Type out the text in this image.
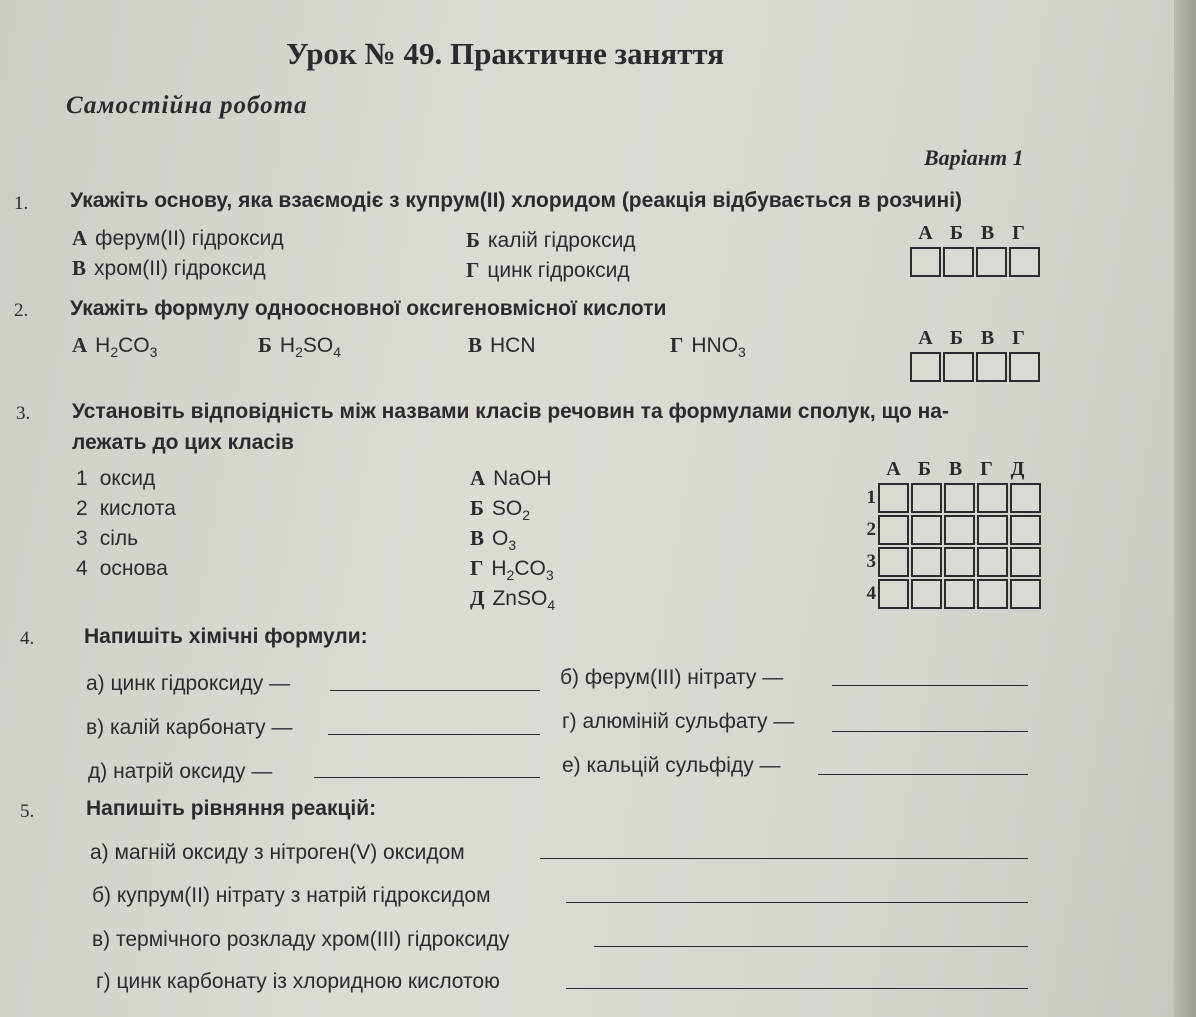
Урок № 49. Практичне заняття
Самостійна робота
Варіант 1
1. Укажіть основу, яка взаємодіє з купрум(II) хлоридом (реакція відбувається в розчині)
А ферум(II) гідроксид	Б калій гідроксид
В хром(II) гідроксид	Г цинк гідроксид
А Б В Г
2. Укажіть формулу одноосновної оксигеновмісної кислоти
А $H_2CO_3$	Б $H_2SO_4$	В HCN	Г $HNO_3$
А Б В Г
3. Установіть відповідність між назвами класів речовин та формулами сполук, що на-
лежать до цих класів
1 оксид
2 кислота
3 сіль
4 основа
А NaOH
Б $SO_2$
В $O_3$
Г $H_2CO_3$
Д ZnSO$_4$
А Б В Г Д
1
2
3
4
4. Напишіть хімічні формули:
а) цинк гідроксиду —	б) ферум(III) нітрату —
в) калій карбонату —	г) алюміній сульфату —
д) натрій оксиду —	е) кальцій сульфіду —
5. Напишіть рівняння реакцій:
а) магній оксиду з нітроген(V) оксидом
б) купрум(II) нітрату з натрій гідроксидом
в) термічного розкладу хром(III) гідроксиду
г) цинк карбонату із хлоридною кислотою
